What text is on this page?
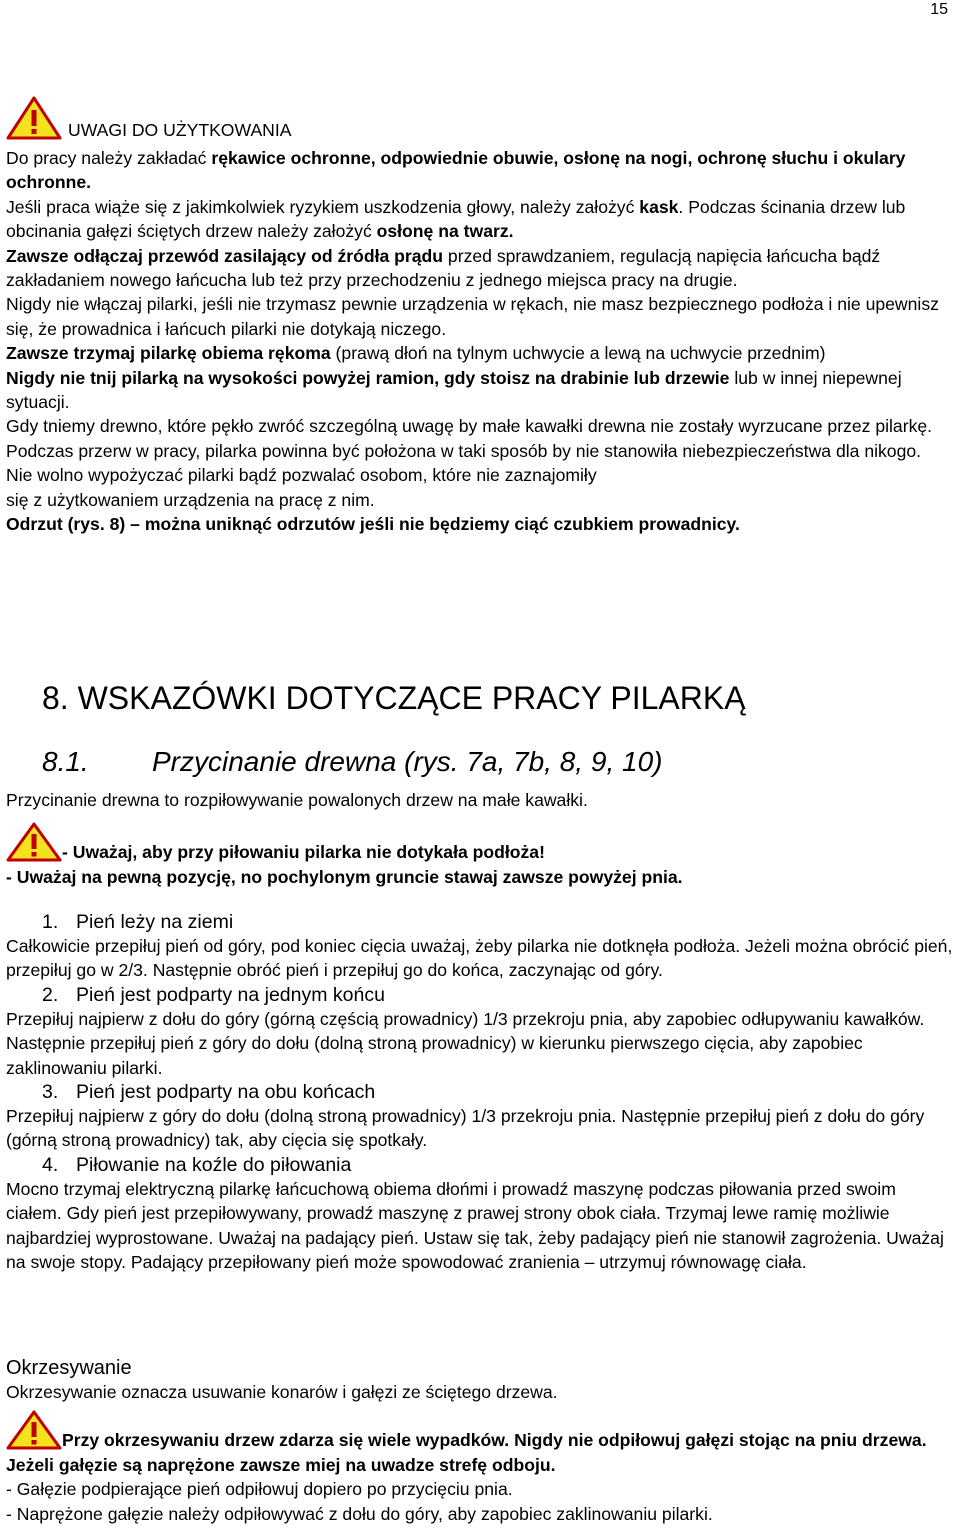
15

UWAGI DO UŻYTKOWANIA

Do pracy należy zakładać rękawice ochronne, odpowiednie obuwie, osłonę na nogi, ochronę słuchu i okulary ochronne.

Jeśli praca wiąże się z jakimkolwiek ryzykiem uszkodzenia głowy, należy założyć kask. Podczas ścinania drzew lub obcinania gałęzi ściętych drzew należy założyć osłonę na twarz.

Zawsze odłączaj przewód zasilający od źródła prądu przed sprawdzaniem, regulacją napięcia łańcucha bądź zakładaniem nowego łańcucha lub też przy przechodzeniu z jednego miejsca pracy na drugie.

Nigdy nie włączaj pilarki, jeśli nie trzymasz pewnie urządzenia w rękach, nie masz bezpiecznego podłoża i nie upewnisz się, że prowadnica i łańcuch pilarki nie dotykają niczego.

Zawsze trzymaj pilarkę obiema rękoma (prawą dłoń na tylnym uchwycie a lewą na uchwycie przednim)

Nigdy nie tnij pilarką na wysokości powyżej ramion, gdy stoisz na drabinie lub drzewie lub w innej niepewnej sytuacji.

Gdy tniemy drewno, które pękło zwróć szczególną uwagę by małe kawałki drewna nie zostały wyrzucane przez pilarkę.

Podczas przerw w pracy, pilarka powinna być położona w taki sposób by nie stanowiła niebezpieczeństwa dla nikogo.

Nie wolno wypożyczać pilarki bądź pozwalać osobom, które nie zaznajomiły

się z użytkowaniem urządzenia na pracę z nim.

Odrzut (rys. 8) – można uniknąć odrzutów jeśli nie będziemy ciąć czubkiem prowadnicy.

8. WSKAZÓWKI DOTYCZĄCE PRACY PILARKĄ
8.1. Przycinanie drewna (rys. 7a, 7b, 8, 9, 10)

Przycinanie drewna to rozpiłowywanie powalonych drzew na małe kawałki.

- Uważaj, aby przy piłowaniu pilarka nie dotykała podłoża!

- Uważaj na pewną pozycję, no pochylonym gruncie stawaj zawsze powyżej pnia.

1. Pień leży na ziemi

Całkowicie przepiłuj pień od góry, pod koniec cięcia uważaj, żeby pilarka nie dotknęła podłoża. Jeżeli można obrócić pień, przepiłuj go w 2/3. Następnie obróć pień i przepiłuj go do końca, zaczynając od góry.

2. Pień jest podparty na jednym końcu

Przepiłuj najpierw z dołu do góry (górną częścią prowadnicy) 1/3 przekroju pnia, aby zapobiec odłupywaniu kawałków. Następnie przepiłuj pień z góry do dołu (dolną stroną prowadnicy) w kierunku pierwszego cięcia, aby zapobiec zaklinowaniu pilarki.

3. Pień jest podparty na obu końcach

Przepiłuj najpierw z góry do dołu (dolną stroną prowadnicy) 1/3 przekroju pnia. Następnie przepiłuj pień z dołu do góry (górną stroną prowadnicy) tak, aby cięcia się spotkały.

4. Piłowanie na koźle do piłowania

Mocno trzymaj elektryczną pilarkę łańcuchową obiema dłońmi i prowadź maszynę podczas piłowania przed swoim ciałem. Gdy pień jest przepiłowywany, prowadź maszynę z prawej strony obok ciała. Trzymaj lewe ramię możliwie najbardziej wyprostowane. Uważaj na padający pień. Ustaw się tak, żeby padający pień nie stanowił zagrożenia. Uważaj na swoje stopy. Padający przepiłowany pień może spowodować zranienia – utrzymuj równowagę ciała.

Okrzesywanie

Okrzesywanie oznacza usuwanie konarów i gałęzi ze ściętego drzewa.

Przy okrzesywaniu drzew zdarza się wiele wypadków. Nigdy nie odpiłowuj gałęzi stojąc na pniu drzewa. Jeżeli gałęzie są naprężone zawsze miej na uwadze strefę odboju.

- Gałęzie podpierające pień odpiłowuj dopiero po przycięciu pnia.

- Naprężone gałęzie należy odpiłowywać z dołu do góry, aby zapobiec zaklinowaniu pilarki.
